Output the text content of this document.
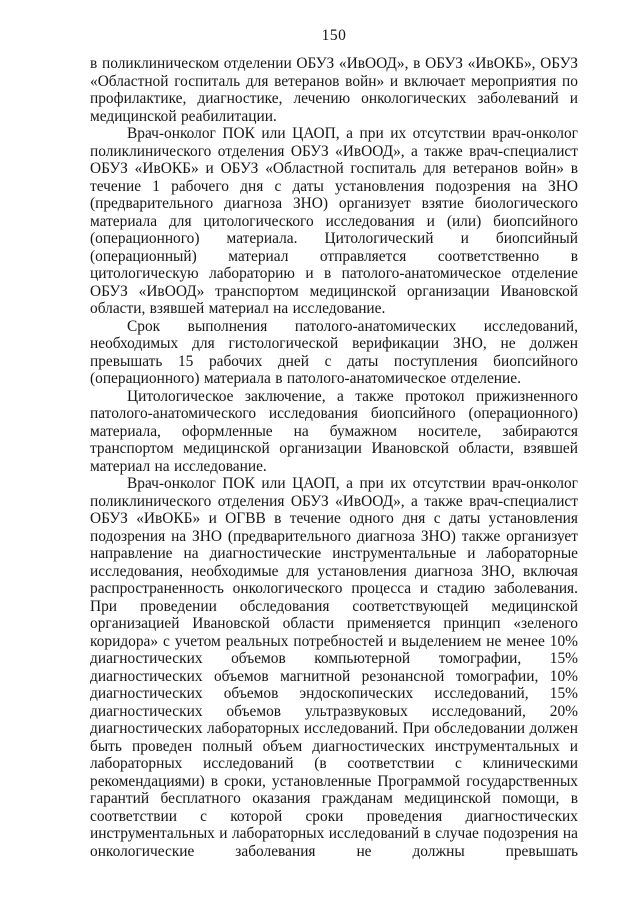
150

в поликлиническом отделении ОБУЗ «ИвООД», в ОБУЗ «ИвОКБ», ОБУЗ «Областной госпиталь для ветеранов войн» и включает мероприятия по профилактике, диагностике, лечению онкологических заболеваний и медицинской реабилитации.

Врач-онколог ПОК или ЦАОП, а при их отсутствии врач-онколог поликлинического отделения ОБУЗ «ИвООД», а также врач-специалист ОБУЗ «ИвОКБ» и ОБУЗ «Областной госпиталь для ветеранов войн» в течение 1 рабочего дня с даты установления подозрения на ЗНО (предварительного диагноза ЗНО) организует взятие биологического материала для цитологического исследования и (или) биопсийного (операционного) материала. Цитологический и биопсийный (операционный) материал отправляется соответственно в цитологическую лабораторию и в патолого-анатомическое отделение ОБУЗ «ИвООД» транспортом медицинской организации Ивановской области, взявшей материал на исследование.

Срок выполнения патолого-анатомических исследований, необходимых для гистологической верификации ЗНО, не должен превышать 15 рабочих дней с даты поступления биопсийного (операционного) материала в патолого-анатомическое отделение.

Цитологическое заключение, а также протокол прижизненного патолого-анатомического исследования биопсийного (операционного) материала, оформленные на бумажном носителе, забираются транспортом медицинской организации Ивановской области, взявшей материал на исследование.

Врач-онколог ПОК или ЦАОП, а при их отсутствии врач-онколог поликлинического отделения ОБУЗ «ИвООД», а также врач-специалист ОБУЗ «ИвОКБ» и ОГВВ в течение одного дня с даты установления подозрения на ЗНО (предварительного диагноза ЗНО) также организует направление на диагностические инструментальные и лабораторные исследования, необходимые для установления диагноза ЗНО, включая распространенность онкологического процесса и стадию заболевания. При проведении обследования соответствующей медицинской организацией Ивановской области применяется принцип «зеленого коридора» с учетом реальных потребностей и выделением не менее 10% диагностических объемов компьютерной томографии, 15% диагностических объемов магнитной резонансной томографии, 10% диагностических объемов эндоскопических исследований, 15% диагностических объемов ультразвуковых исследований, 20% диагностических лабораторных исследований. При обследовании должен быть проведен полный объем диагностических инструментальных и лабораторных исследований (в соответствии с клиническими рекомендациями) в сроки, установленные Программой государственных гарантий бесплатного оказания гражданам медицинской помощи, в соответствии с которой сроки проведения диагностических инструментальных и лабораторных исследований в случае подозрения на онкологические заболевания не должны превышать
